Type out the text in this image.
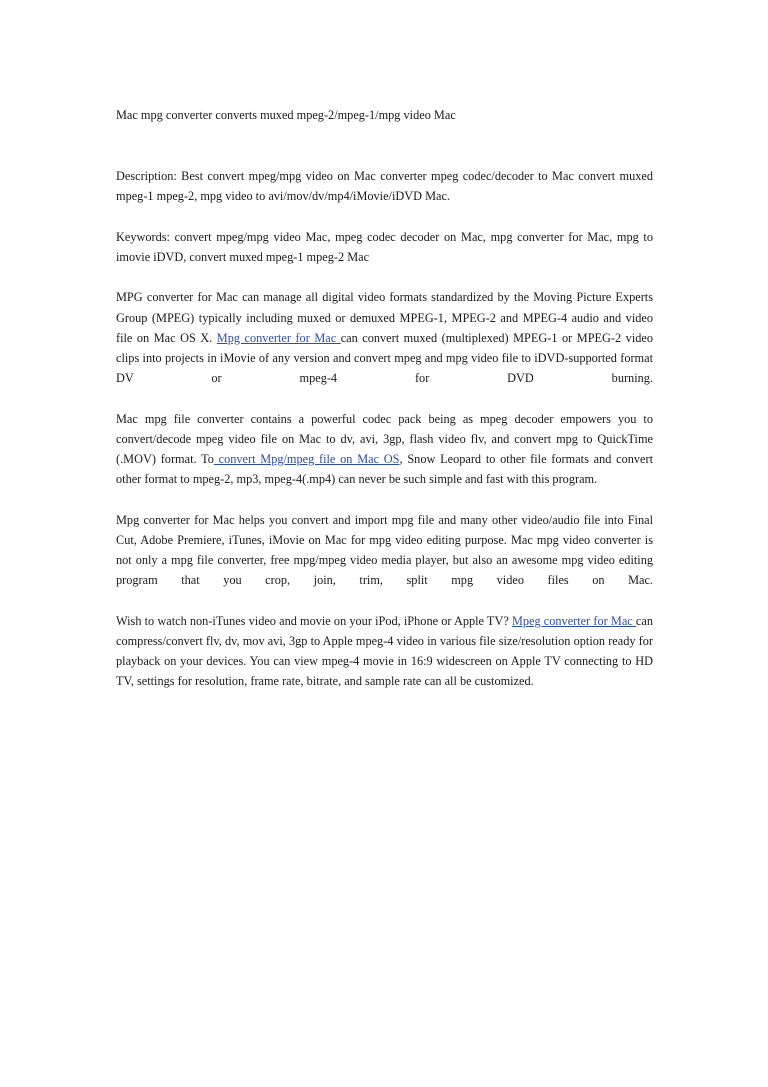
Mac mpg converter converts muxed mpeg-2/mpeg-1/mpg video Mac

Description: Best convert mpeg/mpg video on Mac converter mpeg codec/decoder to Mac convert muxed mpeg-1 mpeg-2, mpg video to avi/mov/dv/mp4/iMovie/iDVD Mac.

Keywords: convert mpeg/mpg video Mac, mpeg codec decoder on Mac, mpg converter for Mac, mpg to imovie iDVD, convert muxed mpeg-1 mpeg-2 Mac

MPG converter for Mac can manage all digital video formats standardized by the Moving Picture Experts Group (MPEG) typically including muxed or demuxed MPEG-1, MPEG-2 and MPEG-4 audio and video file on Mac OS X. Mpg converter for Mac can convert muxed (multiplexed) MPEG-1 or MPEG-2 video clips into projects in iMovie of any version and convert mpeg and mpg video file to iDVD-supported format DV or mpeg-4 for DVD burning.

Mac mpg file converter contains a powerful codec pack being as mpeg decoder empowers you to convert/decode mpeg video file on Mac to dv, avi, 3gp, flash video flv, and convert mpg to QuickTime (.MOV) format. To convert Mpg/mpeg file on Mac OS, Snow Leopard to other file formats and convert other format to mpeg-2, mp3, mpeg-4(.mp4) can never be such simple and fast with this program.

Mpg converter for Mac helps you convert and import mpg file and many other video/audio file into Final Cut, Adobe Premiere, iTunes, iMovie on Mac for mpg video editing purpose. Mac mpg video converter is not only a mpg file converter, free mpg/mpeg video media player, but also an awesome mpg video editing program that you crop, join, trim, split mpg video files on Mac.

Wish to watch non-iTunes video and movie on your iPod, iPhone or Apple TV? Mpeg converter for Mac can compress/convert flv, dv, mov avi, 3gp to Apple mpeg-4 video in various file size/resolution option ready for playback on your devices. You can view mpeg-4 movie in 16:9 widescreen on Apple TV connecting to HD TV, settings for resolution, frame rate, bitrate, and sample rate can all be customized.
